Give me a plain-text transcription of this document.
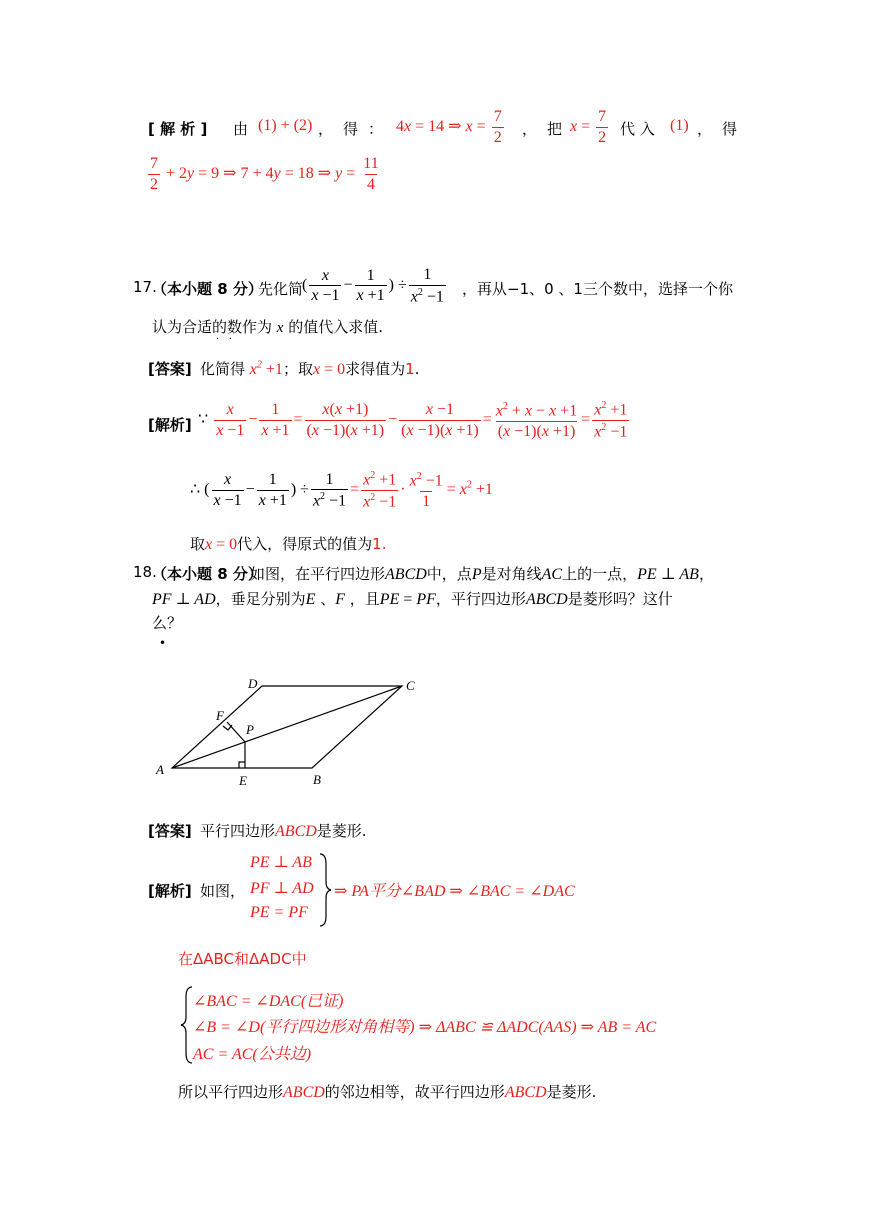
[ 解 析 ] 由 (1) + (2) ， 得 ： 4x = 14 ⇒ $x = \frac{7}{2}$ ， 把 $x = \frac{7}{2}$ 代 入 (1) ， 得
$\frac{7}{2} + 2y = 9$ ⇒ 7 + 4y = 18 ⇒ $y = \frac{11}{4}$
17.
（本小题 8 分）
先化简
( $\frac{x}{x -1} - \frac{1}{x +1}$ ) ÷ $\frac{1}{x^2 -1}$ ，再从−1、0 、1三个数中，选择一个你
认为合适的数作为 x 的值代入求值.
·   ·
[答案] 化简得 $x^2 +1$；取x = 0求得值为1.
[解析] ∵ $\frac{x}{x -1} - \frac{1}{x +1} = \frac{x(x +1)}{(x -1)(x +1)} - \frac{x -1}{(x -1)(x +1)} = \frac{x^2 + x - x +1}{(x -1)(x +1)} = \frac{x^2 +1}{x^2 -1}$
∴ ( $\frac{x}{x -1} - \frac{1}{x +1}$ ) ÷ $\frac{1}{x^2 -1} = \frac{x^2 +1}{x^2 -1} \cdot \frac{x^2 -1}{1} = x^2 +1$
取x = 0代入，得原式的值为1.
18.
（本小题 8 分）
如图，在平行四边形ABCD中，点P是对角线AC上的一点，PE ⊥ AB，
PF ⊥ AD，垂足分别为E 、F ，且PE = PF，平行四边形ABCD是菱形吗？这什
么？
•
A
B
C
D
E
F
P
[答案] 平行四边形ABCD是菱形.
[解析] 如图，
PE ⊥ AB
PF ⊥ AD
PE = PF
⇒ PA平分∠BAD ⇒ ∠BAC = ∠DAC
在ΔABC和ΔADC中
∠BAC = ∠DAC(已证)
∠B = ∠D(平行四边形对角相等) ⇒ ΔABC ≌ ΔADC(AAS) ⇒ AB = AC
AC = AC(公共边)
所以平行四边形ABCD的邻边相等，故平行四边形ABCD是菱形.
